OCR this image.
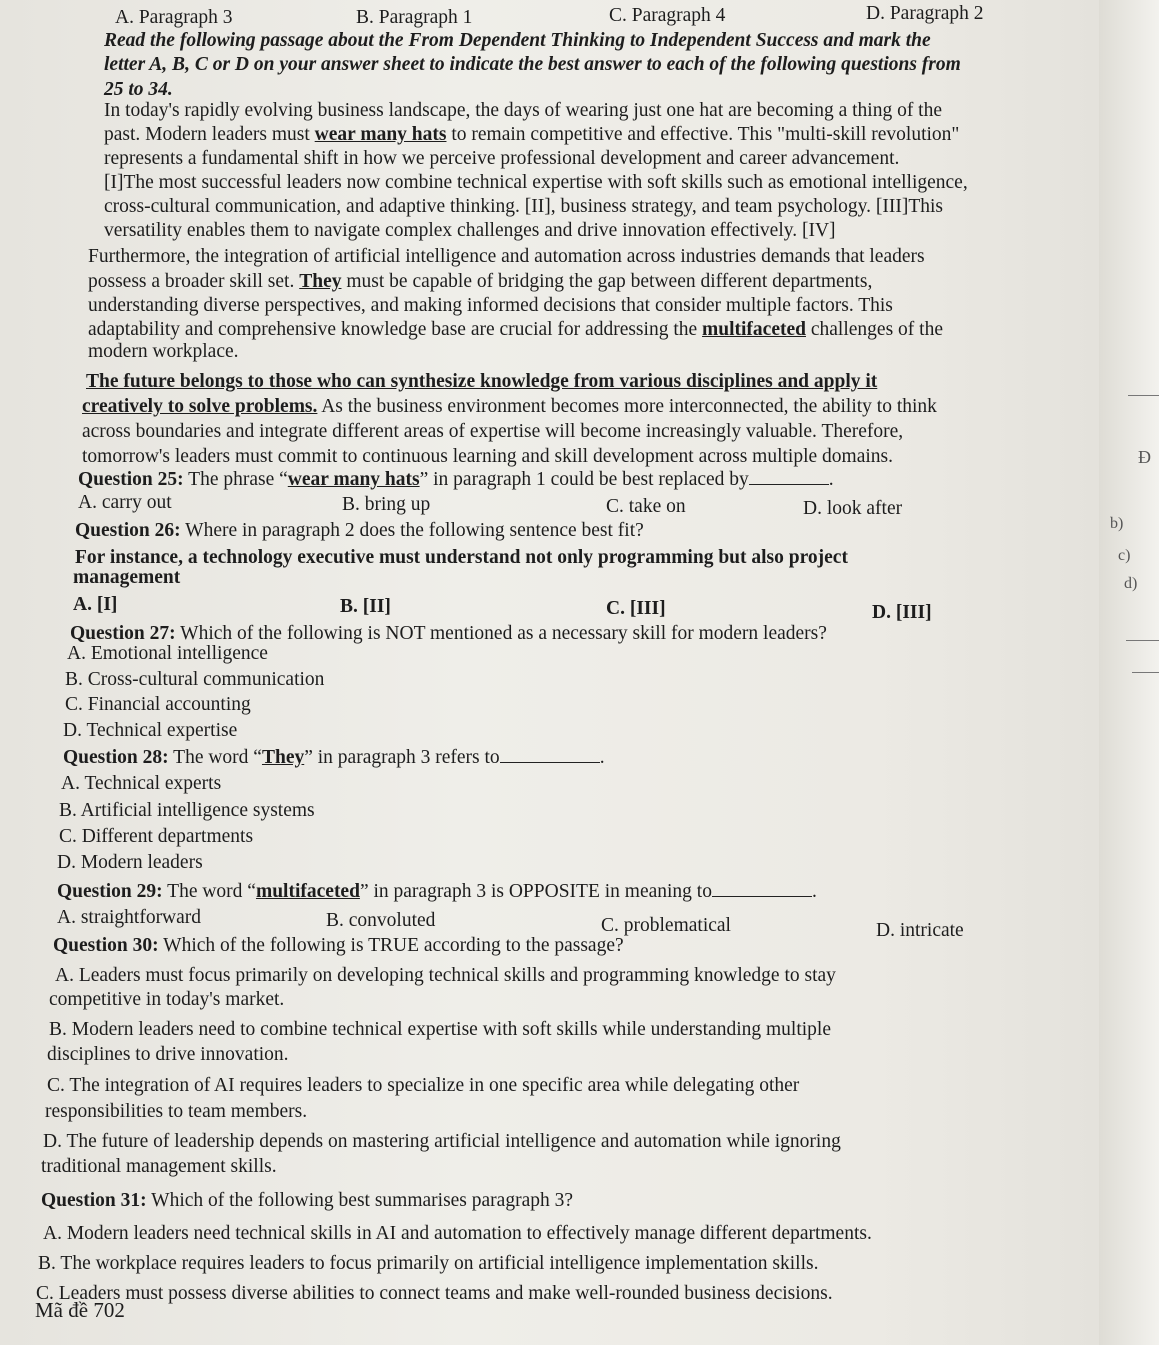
Đ
b)
c)
d)
A. Paragraph 3	B. Paragraph 1	C. Paragraph 4	D. Paragraph 2
Read the following passage about the From Dependent Thinking to Independent Success and mark the
letter A, B, C or D on your answer sheet to indicate the best answer to each of the following questions from
25 to 34.
In today's rapidly evolving business landscape, the days of wearing just one hat are becoming a thing of the
past. Modern leaders must wear many hats to remain competitive and effective. This "multi-skill revolution"
represents a fundamental shift in how we perceive professional development and career advancement.
[I]The most successful leaders now combine technical expertise with soft skills such as emotional intelligence,
cross-cultural communication, and adaptive thinking. [II], business strategy, and team psychology. [III]This
versatility enables them to navigate complex challenges and drive innovation effectively. [IV]
Furthermore, the integration of artificial intelligence and automation across industries demands that leaders
possess a broader skill set. They must be capable of bridging the gap between different departments,
understanding diverse perspectives, and making informed decisions that consider multiple factors. This
adaptability and comprehensive knowledge base are crucial for addressing the multifaceted challenges of the
modern workplace.
The future belongs to those who can synthesize knowledge from various disciplines and apply it
creatively to solve problems. As the business environment becomes more interconnected, the ability to think
across boundaries and integrate different areas of expertise will become increasingly valuable. Therefore,
tomorrow's leaders must commit to continuous learning and skill development across multiple domains.
Question 25: The phrase “wear many hats” in paragraph 1 could be best replaced by	.
A. carry out	B. bring up	C. take on	D. look after
Question 26: Where in paragraph 2 does the following sentence best fit?
For instance, a technology executive must understand not only programming but also project
management
A. [I]	B. [II]	C. [III]	D. [III]
Question 27: Which of the following is NOT mentioned as a necessary skill for modern leaders?
A. Emotional intelligence
B. Cross-cultural communication
C. Financial accounting
D. Technical expertise
Question 28: The word “They” in paragraph 3 refers to	.
A. Technical experts
B. Artificial intelligence systems
C. Different departments
D. Modern leaders
Question 29: The word “multifaceted” in paragraph 3 is OPPOSITE in meaning to	.
A. straightforward	B. convoluted	C. problematical	D. intricate
Question 30: Which of the following is TRUE according to the passage?
A. Leaders must focus primarily on developing technical skills and programming knowledge to stay
competitive in today's market.
B. Modern leaders need to combine technical expertise with soft skills while understanding multiple
disciplines to drive innovation.
C. The integration of AI requires leaders to specialize in one specific area while delegating other
responsibilities to team members.
D. The future of leadership depends on mastering artificial intelligence and automation while ignoring
traditional management skills.
Question 31: Which of the following best summarises paragraph 3?
A. Modern leaders need technical skills in AI and automation to effectively manage different departments.
B. The workplace requires leaders to focus primarily on artificial intelligence implementation skills.
C. Leaders must possess diverse abilities to connect teams and make well-rounded business decisions.
Mã đề 702
